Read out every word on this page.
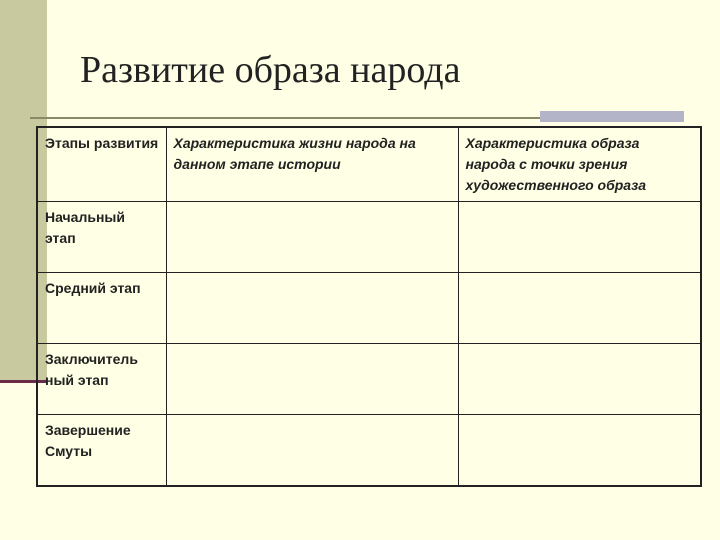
Развитие образа народа
Этапы развития	Характеристика жизни народа на данном этапе истории	Характеристика образа народа с точки зрения художественного образа
Начальный этап		
Средний этап		
Заключитель ный этап		
Завершение Смуты		
